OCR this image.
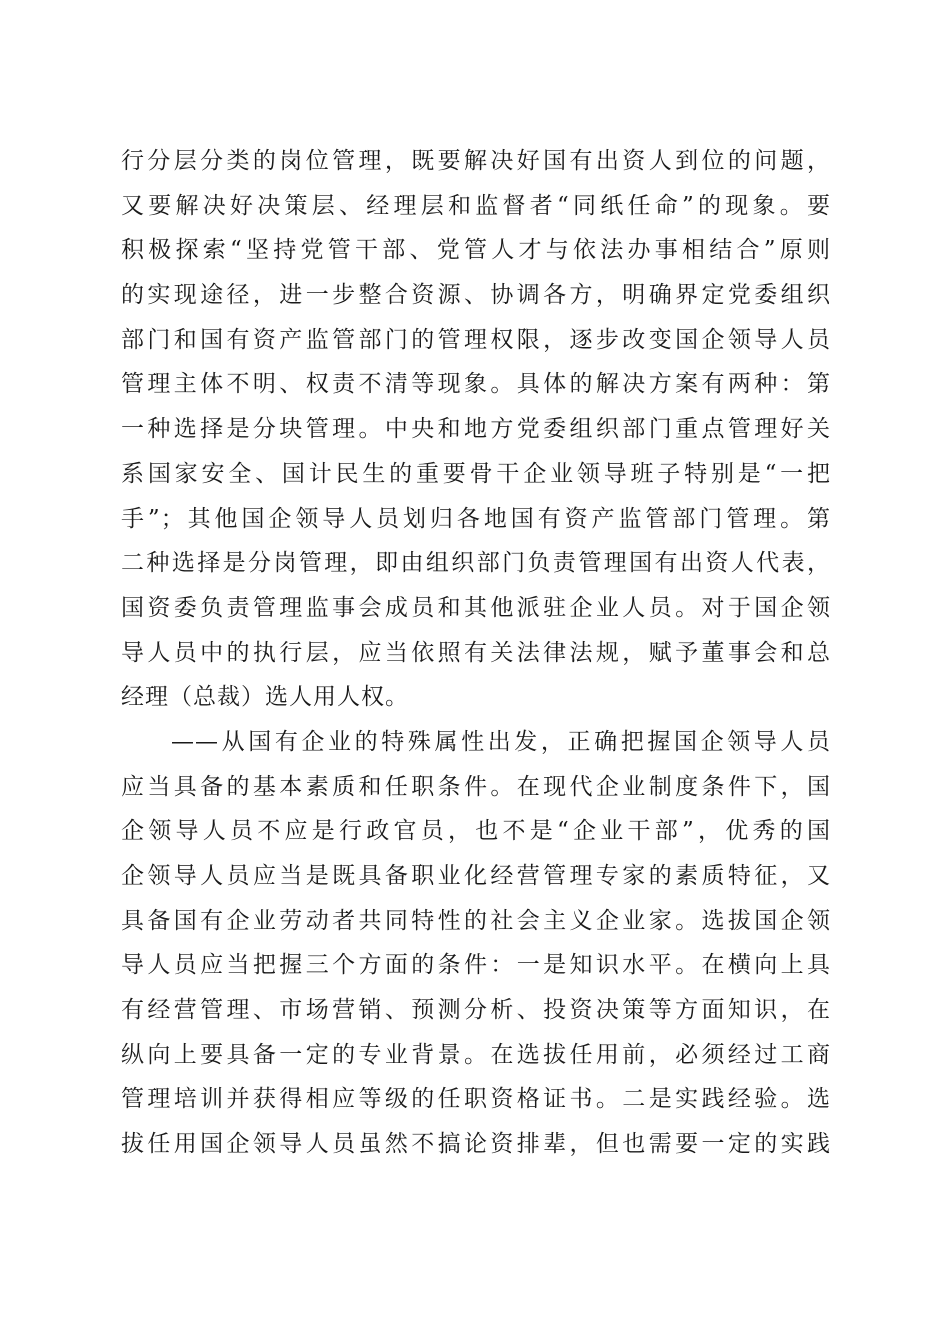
行分层分类的岗位管理，既要解决好国有出资人到位的问题，
又要解决好决策层、经理层和监督者“同纸任命”的现象。要
积极探索“坚持党管干部、党管人才与依法办事相结合”原则
的实现途径，进一步整合资源、协调各方，明确界定党委组织
部门和国有资产监管部门的管理权限，逐步改变国企领导人员
管理主体不明、权责不清等现象。具体的解决方案有两种：第
一种选择是分块管理。中央和地方党委组织部门重点管理好关
系国家安全、国计民生的重要骨干企业领导班子特别是“一把
手”；其他国企领导人员划归各地国有资产监管部门管理。第
二种选择是分岗管理，即由组织部门负责管理国有出资人代表，
国资委负责管理监事会成员和其他派驻企业人员。对于国企领
导人员中的执行层，应当依照有关法律法规，赋予董事会和总
经理（总裁）选人用人权。
——从国有企业的特殊属性出发，正确把握国企领导人员
应当具备的基本素质和任职条件。在现代企业制度条件下，国
企领导人员不应是行政官员，也不是“企业干部”，优秀的国
企领导人员应当是既具备职业化经营管理专家的素质特征，又
具备国有企业劳动者共同特性的社会主义企业家。选拔国企领
导人员应当把握三个方面的条件：一是知识水平。在横向上具
有经营管理、市场营销、预测分析、投资决策等方面知识，在
纵向上要具备一定的专业背景。在选拔任用前，必须经过工商
管理培训并获得相应等级的任职资格证书。二是实践经验。选
拔任用国企领导人员虽然不搞论资排辈，但也需要一定的实践
